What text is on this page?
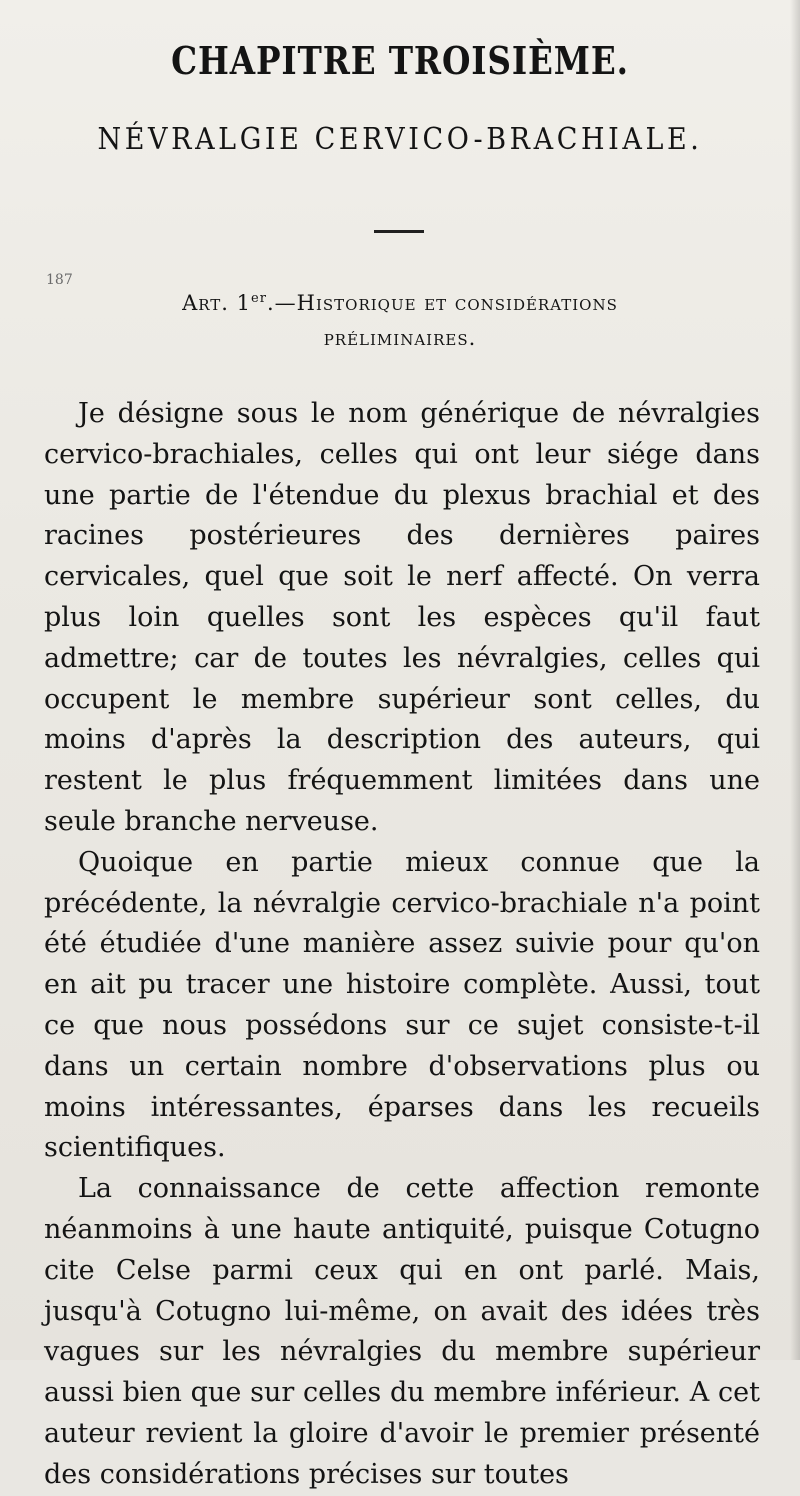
CHAPITRE TROISIÈME.
NÉVRALGIE CERVICO-BRACHIALE.
187
Art. 1er.—Historique et considérations
préliminaires.

Je désigne sous le nom générique de névralgies cervico-brachiales, celles qui ont leur siége dans une partie de l'étendue du plexus brachial et des racines postérieures des dernières paires cervicales, quel que soit le nerf affecté. On verra plus loin quelles sont les espèces qu'il faut admettre; car de toutes les névralgies, celles qui occupent le membre supérieur sont celles, du moins d'après la description des auteurs, qui restent le plus fréquemment limitées dans une seule branche nerveuse.

Quoique en partie mieux connue que la précédente, la névralgie cervico-brachiale n'a point été étudiée d'une manière assez suivie pour qu'on en ait pu tracer une histoire complète. Aussi, tout ce que nous possédons sur ce sujet consiste-t-il dans un certain nombre d'observations plus ou moins intéressantes, éparses dans les recueils scientifiques.

La connaissance de cette affection remonte néanmoins à une haute antiquité, puisque Cotugno cite Celse parmi ceux qui en ont parlé. Mais, jusqu'à Cotugno lui-même, on avait des idées très vagues sur les névralgies du membre supérieur aussi bien que sur celles du membre inférieur. A cet auteur revient la gloire d'avoir le premier présenté des considérations précises sur toutes
